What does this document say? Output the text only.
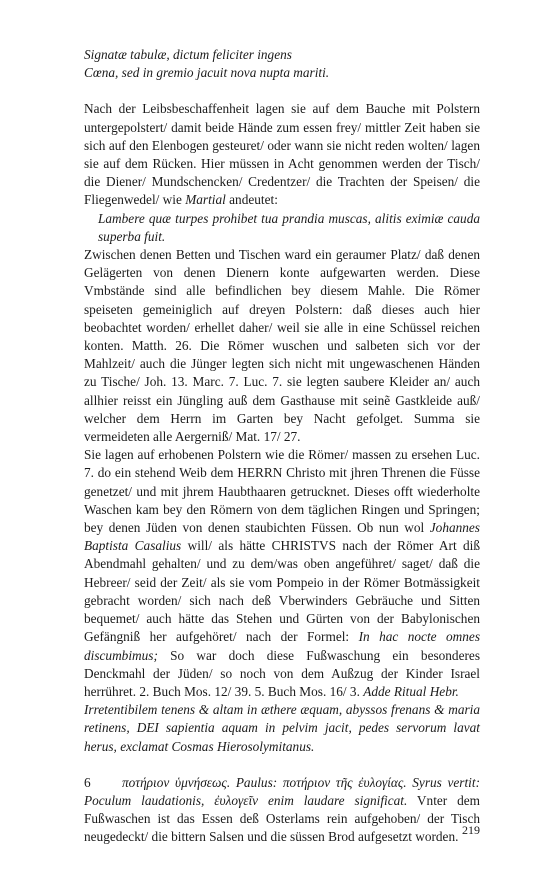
Signatæ tabulæ, dictum feliciter ingens

Cœna, sed in gremio jacuit nova nupta mariti.

Nach der Leibsbeschaffenheit lagen sie auf dem Bauche mit Polstern untergepolstert/ damit beide Hände zum essen frey/ mittler Zeit haben sie sich auf den Elenbogen gesteuret/ oder wann sie nicht reden wolten/ lagen sie auf dem Rücken. Hier müssen in Acht genommen werden der Tisch/ die Diener/ Mundschencken/ Credentzer/ die Trachten der Speisen/ die Fliegenwedel/ wie Martial andeutet:

Lambere quæ turpes prohibet tua prandia muscas, alitis eximiæ cauda superba fuit.

Zwischen denen Betten und Tischen ward ein geraumer Platz/ daß denen Gelägerten von denen Dienern konte aufgewarten werden. Diese Vmbstände sind alle befindlichen bey diesem Mahle. Die Römer speiseten gemeiniglich auf dreyen Polstern: daß dieses auch hier beobachtet worden/ erhellet daher/ weil sie alle in eine Schüssel reichen konten. Matth. 26. Die Römer wuschen und salbeten sich vor der Mahlzeit/ auch die Jünger legten sich nicht mit ungewaschenen Händen zu Tische/ Joh. 13. Marc. 7. Luc. 7. sie legten saubere Kleider an/ auch allhier reisst ein Jüngling auß dem Gasthause mit seinẽ Gastkleide auß/ welcher dem Herrn im Garten bey Nacht gefolget. Summa sie vermeideten alle Aergerniß/ Mat. 17/ 27.

Sie lagen auf erhobenen Polstern wie die Römer/ massen zu ersehen Luc. 7. do ein stehend Weib dem HERRN Christo mit jhren Threnen die Füsse genetzet/ und mit jhrem Haubthaaren getrucknet. Dieses offt wiederholte Waschen kam bey den Römern von dem täglichen Ringen und Springen; bey denen Jüden von denen staubichten Füssen. Ob nun wol Johannes Baptista Casalius will/ als hätte CHRISTVS nach der Römer Art diß Abendmahl gehalten/ und zu dem/was oben angeführet/ saget/ daß die Hebreer/ seid der Zeit/ als sie vom Pompeio in der Römer Botmässigkeit gebracht worden/ sich nach deß Vberwinders Gebräuche und Sitten bequemet/ auch hätte das Stehen und Gürten von der Babylonischen Gefängniß her aufgehöret/ nach der Formel: In hac nocte omnes discumbimus; So war doch diese Fußwaschung ein besonderes Denckmahl der Jüden/ so noch von dem Außzug der Kinder Israel herrühret. 2. Buch Mos. 12/ 39. 5. Buch Mos. 16/ 3. Adde Ritual Hebr.

Irretentibilem tenens & altam in æthere æquam, abyssos frenans & maria retinens, DEI sapientia aquam in pelvim jacit, pedes servorum lavat herus, exclamat Cosmas Hierosolymitanus.

6 ποτήριον ὑμνήσεως. Paulus: ποτήριον τῆς ἐυλογίας. Syrus vertit: Poculum laudationis, ἐυλογεῖν enim laudare significat. Vnter dem Fußwaschen ist das Essen deß Osterlams rein aufgehoben/ der Tisch neugedeckt/ die bittern Salsen und die süssen Brod aufgesetzt worden. 219
